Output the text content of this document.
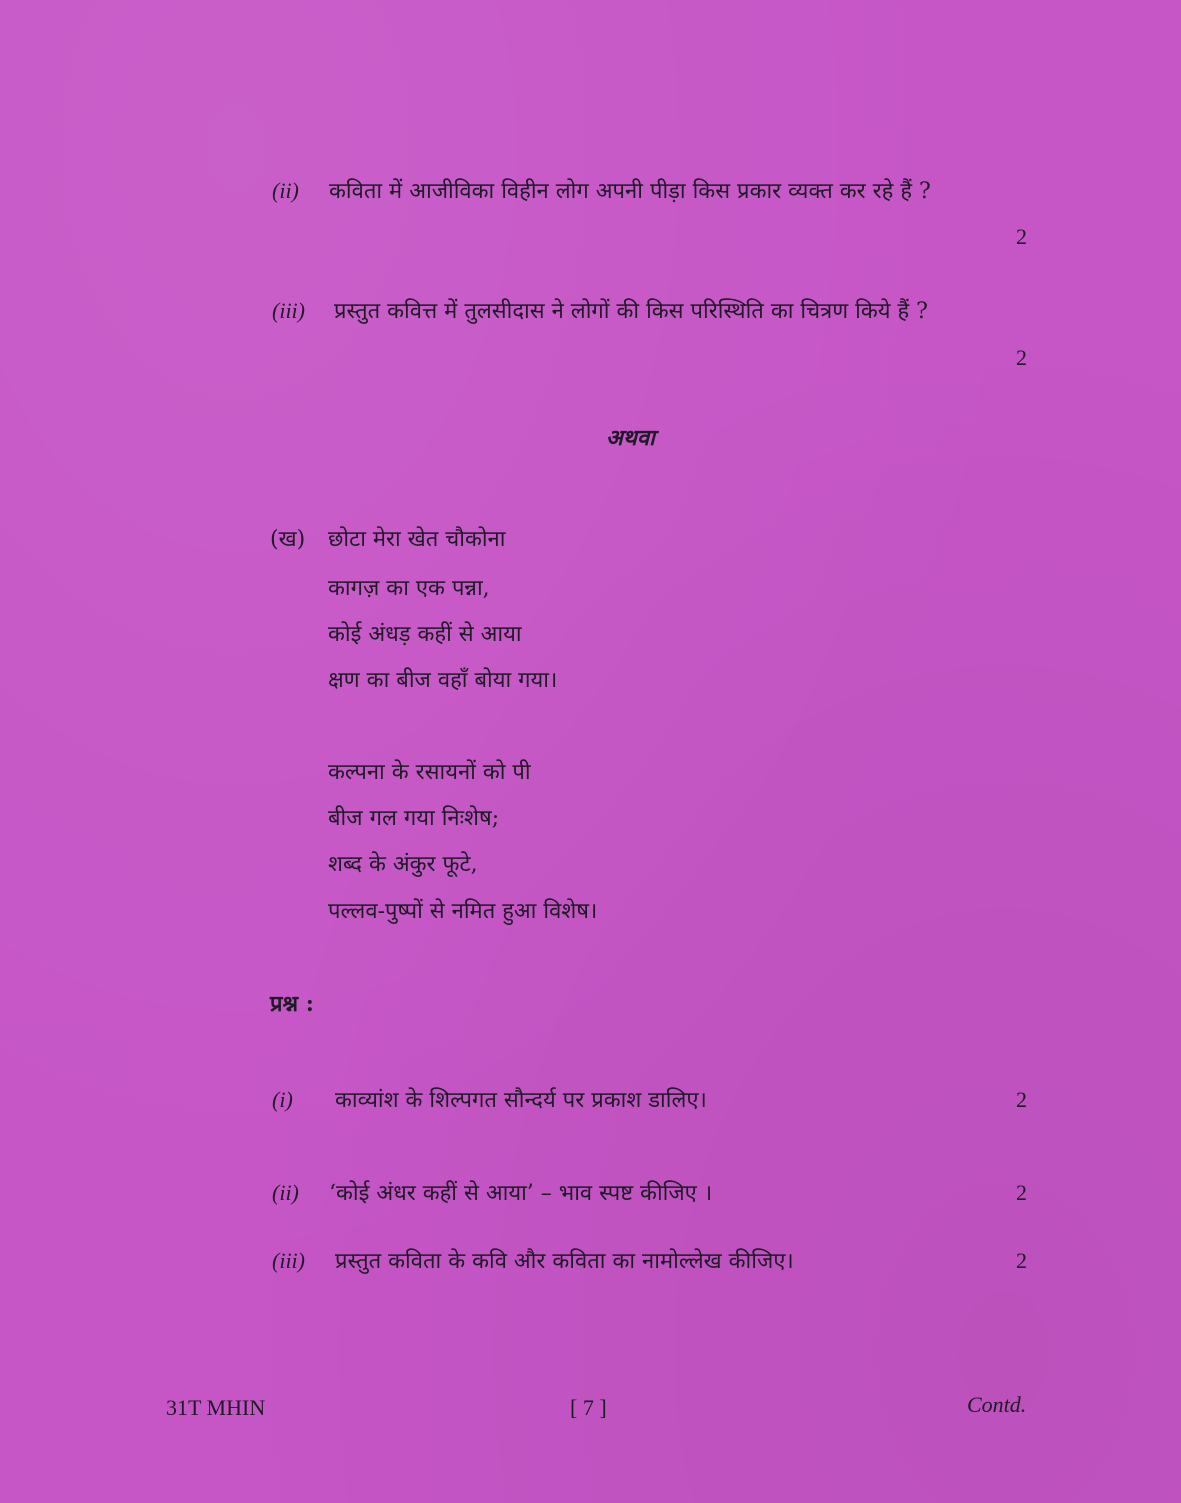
(ii) कविता में आजीविका विहीन लोग अपनी पीड़ा किस प्रकार व्यक्त कर रहे हैं ?
2
(iii) प्रस्तुत कवित्त में तुलसीदास ने लोगों की किस परिस्थिति का चित्रण किये हैं ?
2
अथवा
(ख) छोटा मेरा खेत चौकोना
कागज़ का एक पन्ना,
कोई अंधड़ कहीं से आया
क्षण का बीज वहाँ बोया गया।
कल्पना के रसायनों को पी
बीज गल गया निःशेष;
शब्द के अंकुर फूटे,
पल्लव-पुष्पों से नमित हुआ विशेष।
प्रश्न :
(i) काव्यांश के शिल्पगत सौन्दर्य पर प्रकाश डालिए।	2
(ii) ‘कोई अंधर कहीं से आया’ – भाव स्पष्ट कीजिए ।	2
(iii) प्रस्तुत कविता के कवि और कविता का नामोल्लेख कीजिए।	2
31T MHIN	[ 7 ]	Contd.
